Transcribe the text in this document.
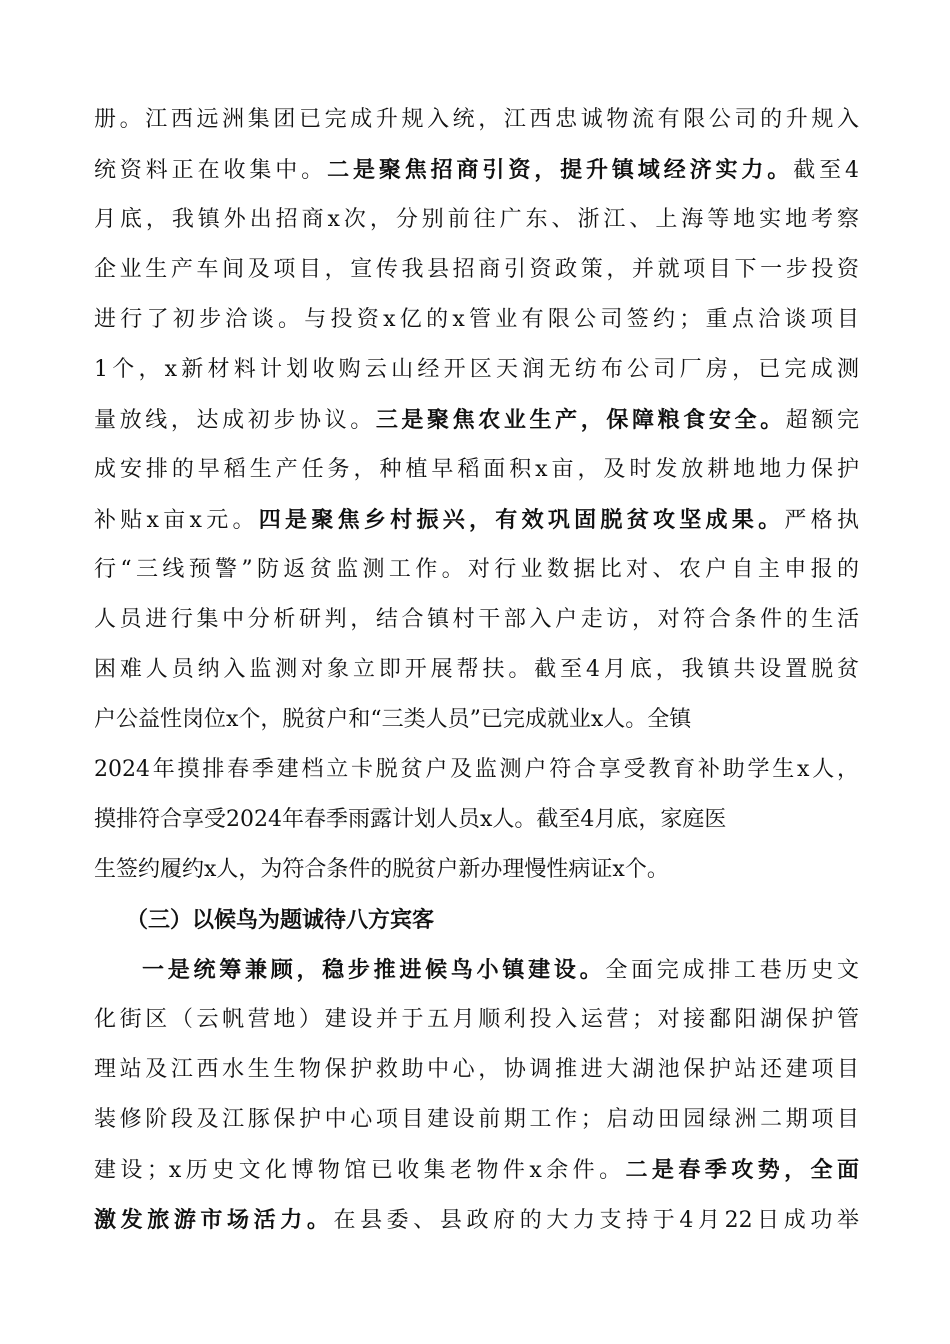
册。江西远洲集团已完成升规入统，江西忠诚物流有限公司的升规入
统资料正在收集中。二是聚焦招商引资，提升镇域经济实力。截至4
月底，我镇外出招商x次，分别前往广东、浙江、上海等地实地考察
企业生产车间及项目，宣传我县招商引资政策，并就项目下一步投资
进行了初步洽谈。与投资x亿的x管业有限公司签约；重点洽谈项目
1个，x新材料计划收购云山经开区天润无纺布公司厂房，已完成测
量放线，达成初步协议。三是聚焦农业生产，保障粮食安全。超额完
成安排的早稻生产任务，种植早稻面积x亩，及时发放耕地地力保护
补贴x亩x元。四是聚焦乡村振兴，有效巩固脱贫攻坚成果。严格执
行“三线预警”防返贫监测工作。对行业数据比对、农户自主申报的
人员进行集中分析研判，结合镇村干部入户走访，对符合条件的生活
困难人员纳入监测对象立即开展帮扶。截至4月底，我镇共设置脱贫
户公益性岗位x个，脱贫户和“三类人员”已完成就业x人。全镇
2024年摸排春季建档立卡脱贫户及监测户符合享受教育补助学生x人，
摸排符合享受2024年春季雨露计划人员x人。截至4月底，家庭医
生签约履约x人，为符合条件的脱贫户新办理慢性病证x个。
（三）以候鸟为题诚待八方宾客
一是统筹兼顾，稳步推进候鸟小镇建设。全面完成排工巷历史文
化街区（云帆营地）建设并于五月顺利投入运营；对接鄱阳湖保护管
理站及江西水生生物保护救助中心，协调推进大湖池保护站还建项目
装修阶段及江豚保护中心项目建设前期工作；启动田园绿洲二期项目
建设；x历史文化博物馆已收集老物件x余件。二是春季攻势，全面
激发旅游市场活力。在县委、县政府的大力支持于4月22日成功举
